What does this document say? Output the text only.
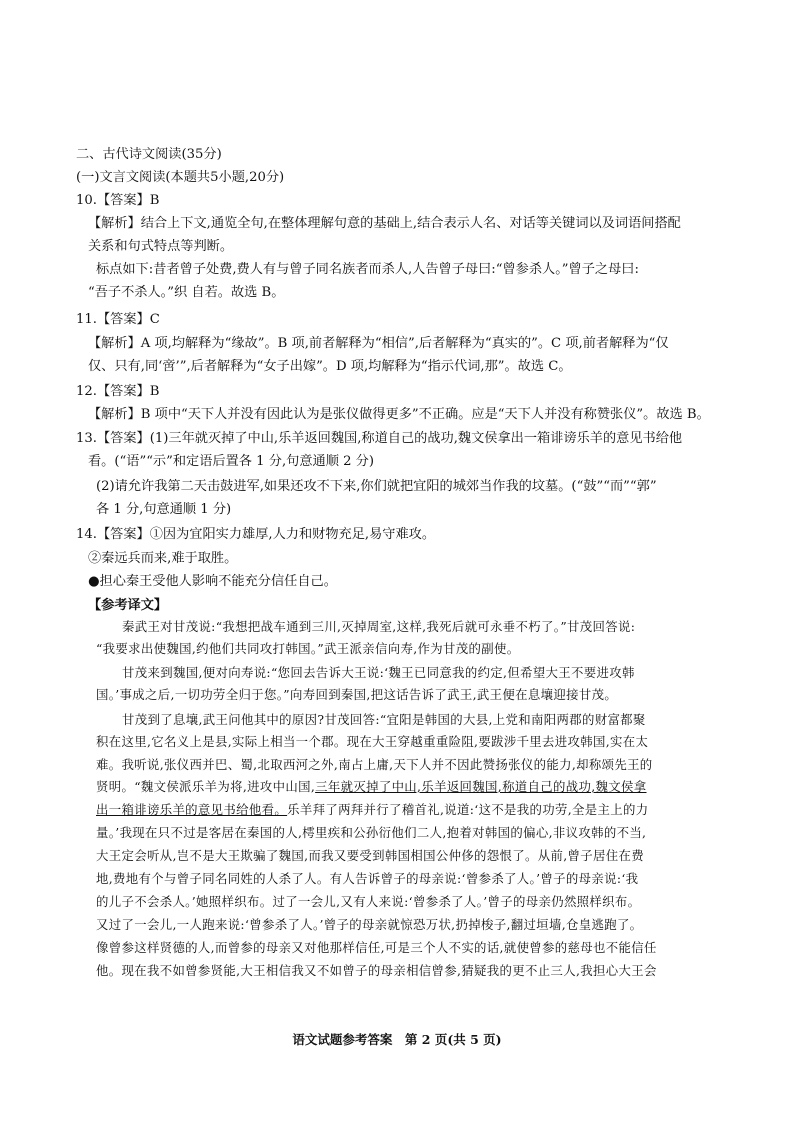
二、古代诗文阅读(35分)
(一)文言文阅读(本题共5小题,20分)
10.【答案】B
【解析】结合上下文,通览全句,在整体理解句意的基础上,结合表示人名、对话等关键词以及词语间搭配
关系和句式特点等判断。
标点如下:昔者曾子处费,费人有与曾子同名族者而杀人,人告曾子母曰:“曾参杀人。”曾子之母曰:
“吾子不杀人。”织 自若。故选 B。
11.【答案】C
【解析】A 项,均解释为“缘故”。B 项,前者解释为“相信”,后者解释为“真实的”。C 项,前者解释为“仅
仅、只有,同‘啻’”,后者解释为“女子出嫁”。D 项,均解释为“指示代词,那”。故选 C。
12.【答案】B
【解析】B 项中“天下人并没有因此认为是张仪做得更多”不正确。应是“天下人并没有称赞张仪”。故选 B。
13.【答案】(1)三年就灭掉了中山,乐羊返回魏国,称道自己的战功,魏文侯拿出一箱诽谤乐羊的意见书给他
看。(“语”“示”和定语后置各 1 分,句意通顺 2 分)
(2)请允许我第二天击鼓进军,如果还攻不下来,你们就把宜阳的城郊当作我的坟墓。(“鼓”“而”“郭”
各 1 分,句意通顺 1 分)
14.【答案】①因为宜阳实力雄厚,人力和财物充足,易守难攻。
②秦远兵而来,难于取胜。
●担心秦王受他人影响不能充分信任自己。
【参考译文】
秦武王对甘茂说:“我想把战车通到三川,灭掉周室,这样,我死后就可永垂不朽了。”甘茂回答说:
“我要求出使魏国,约他们共同攻打韩国。”武王派亲信向寿,作为甘茂的副使。
甘茂来到魏国,便对向寿说:“您回去告诉大王说:‘魏王已同意我的约定,但希望大王不要进攻韩
国。’事成之后,一切功劳全归于您。”向寿回到秦国,把这话告诉了武王,武王便在息壤迎接甘茂。
甘茂到了息壤,武王问他其中的原因?甘茂回答:“宜阳是韩国的大县,上党和南阳两郡的财富都聚
积在这里,它名义上是县,实际上相当一个郡。现在大王穿越重重险阻,要跋涉千里去进攻韩国,实在太
难。我听说,张仪西并巴、蜀,北取西河之外,南占上庸,天下人并不因此赞扬张仪的能力,却称颂先王的
贤明。“魏文侯派乐羊为将,进攻中山国,三年就灭掉了中山,乐羊返回魏国,称道自己的战功,魏文侯拿
出一箱诽谤乐羊的意见书给他看。乐羊拜了两拜并行了稽首礼,说道:‘这不是我的功劳,全是主上的力
量。’我现在只不过是客居在秦国的人,樗里疾和公孙衍他们二人,抱着对韩国的偏心,非议攻韩的不当,
大王定会听从,岂不是大王欺骗了魏国,而我又要受到韩国相国公仲侈的怨恨了。从前,曾子居住在费
地,费地有个与曾子同名同姓的人杀了人。有人告诉曾子的母亲说:‘曾参杀了人。’曾子的母亲说:‘我
的儿子不会杀人。’她照样织布。过了一会儿,又有人来说:‘曾参杀了人。’曾子的母亲仍然照样织布。
又过了一会儿,一人跑来说:‘曾参杀了人。’曾子的母亲就惊恐万状,扔掉梭子,翻过垣墙,仓皇逃跑了。
像曾参这样贤德的人,而曾参的母亲又对他那样信任,可是三个人不实的话,就使曾参的慈母也不能信任
他。现在我不如曾参贤能,大王相信我又不如曾子的母亲相信曾参,猜疑我的更不止三人,我担心大王会
语文试题参考答案　第 2 页(共 5 页)
